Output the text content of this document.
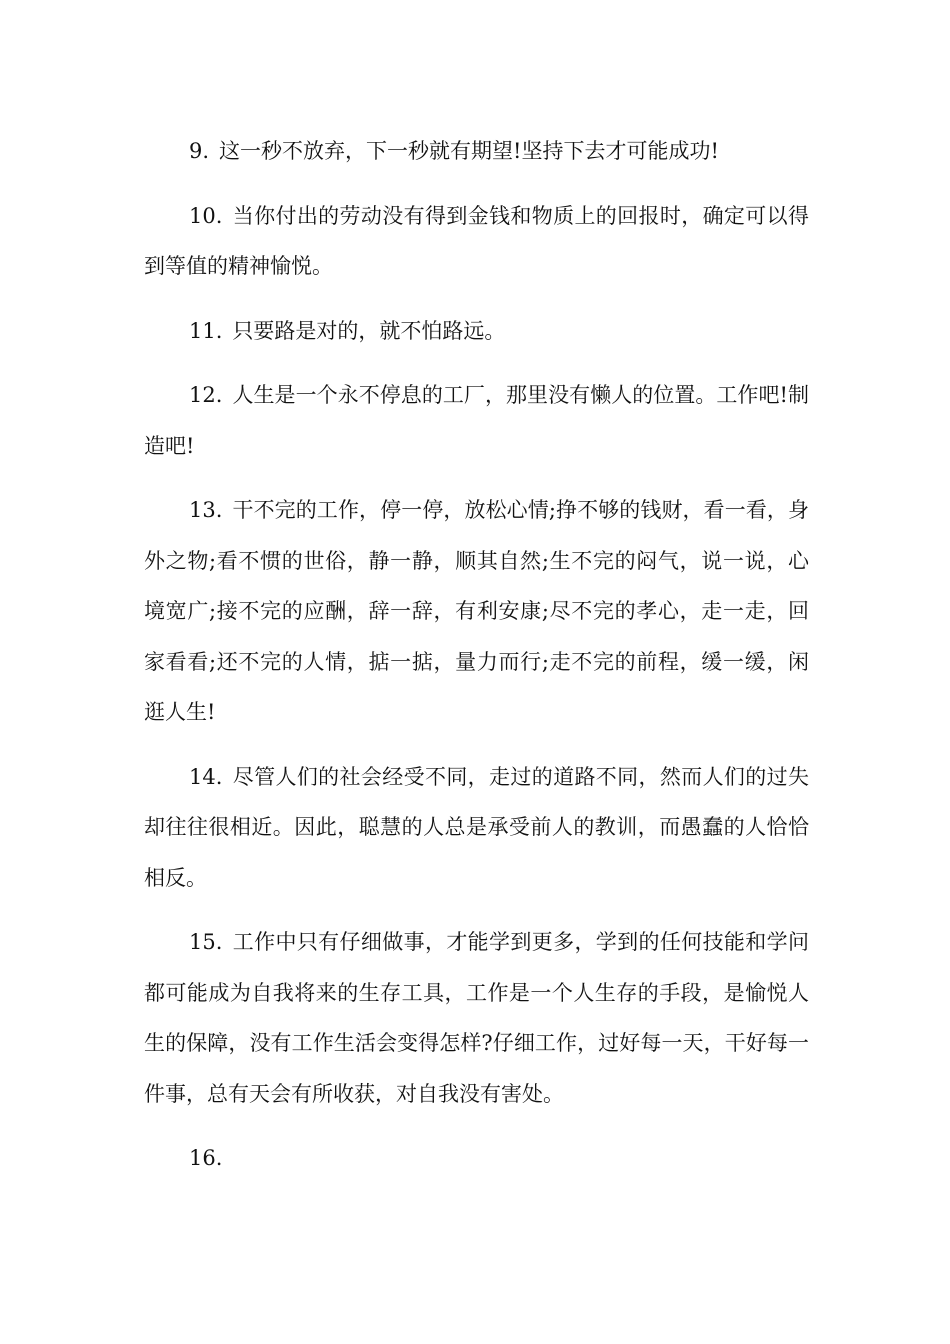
9. 这一秒不放弃，下一秒就有期望!坚持下去才可能成功!

10. 当你付出的劳动没有得到金钱和物质上的回报时，确定可以得到等值的精神愉悦。

11. 只要路是对的，就不怕路远。

12. 人生是一个永不停息的工厂，那里没有懒人的位置。工作吧!制造吧!

13. 干不完的工作，停一停，放松心情;挣不够的钱财，看一看，身外之物;看不惯的世俗，静一静，顺其自然;生不完的闷气，说一说，心境宽广;接不完的应酬，辞一辞，有利安康;尽不完的孝心，走一走，回家看看;还不完的人情，掂一掂，量力而行;走不完的前程，缓一缓，闲逛人生!

14. 尽管人们的社会经受不同，走过的道路不同，然而人们的过失却往往很相近。因此，聪慧的人总是承受前人的教训，而愚蠢的人恰恰相反。

15. 工作中只有仔细做事，才能学到更多，学到的任何技能和学问都可能成为自我将来的生存工具，工作是一个人生存的手段，是愉悦人生的保障，没有工作生活会变得怎样?仔细工作，过好每一天，干好每一件事，总有天会有所收获，对自我没有害处。

16.
